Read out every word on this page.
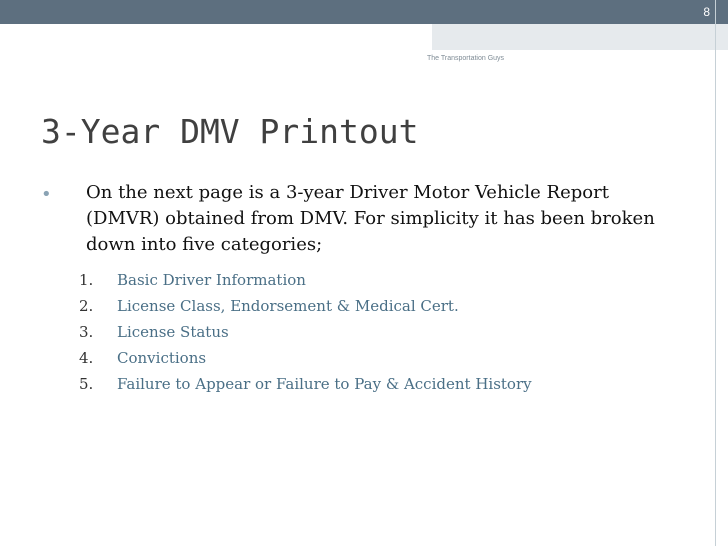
8
The Transportation Guys
3-Year DMV Printout
• On the next page is a 3-year Driver Motor Vehicle Report (DMVR) obtained from DMV. For simplicity it has been broken down into five categories;
1. Basic Driver Information
2. License Class, Endorsement & Medical Cert.
3. License Status
4. Convictions
5. Failure to Appear or Failure to Pay & Accident History
